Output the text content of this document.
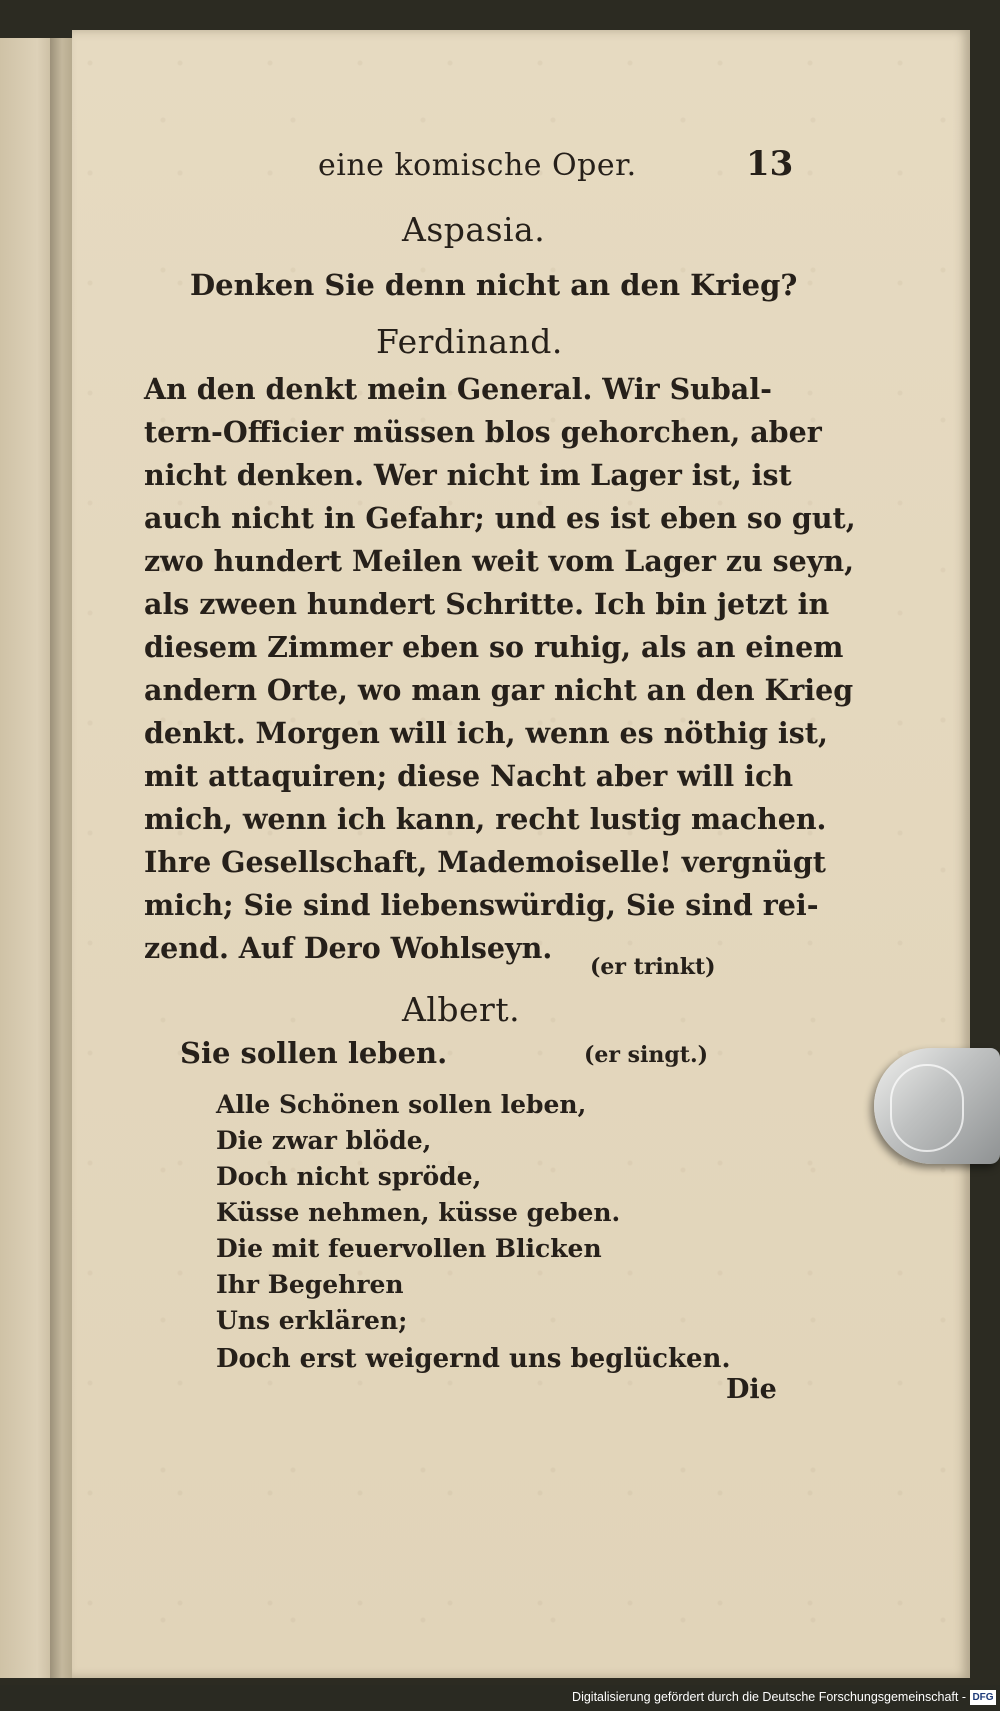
eine komische Oper.	13
Aspasia.
Denken Sie denn nicht an den Krieg?
Ferdinand.
An den denkt mein General. Wir Subal-
tern-Officier müssen blos gehorchen, aber
nicht denken. Wer nicht im Lager ist, ist
auch nicht in Gefahr; und es ist eben so gut,
zwo hundert Meilen weit vom Lager zu seyn,
als zween hundert Schritte. Ich bin jetzt in
diesem Zimmer eben so ruhig, als an einem
andern Orte, wo man gar nicht an den Krieg
denkt. Morgen will ich, wenn es nöthig ist,
mit attaquiren; diese Nacht aber will ich
mich, wenn ich kann, recht lustig machen.
Ihre Gesellschaft, Mademoiselle! vergnügt
mich; Sie sind liebenswürdig, Sie sind rei-
zend. Auf Dero Wohlseyn.
(er trinkt)
Albert.
Sie sollen leben.	(er singt.)
Alle Schönen sollen leben,
Die zwar blöde,
Doch nicht spröde,
Küsse nehmen, küsse geben.
Die mit feuervollen Blicken
Ihr Begehren
Uns erklären;
Doch erst weigernd uns beglücken.
Die
Digitalisierung gefördert durch die Deutsche Forschungsgemeinschaft - DFG
